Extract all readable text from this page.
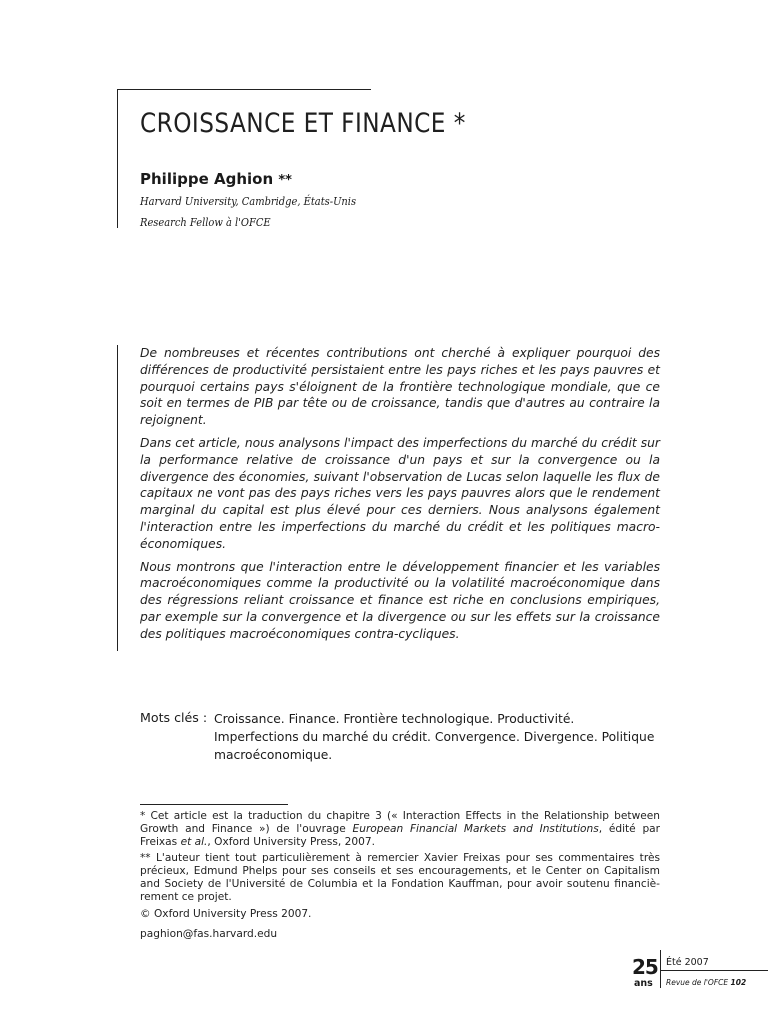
CROISSANCE ET FINANCE *
Philippe Aghion **
Harvard University, Cambridge, États-Unis
Research Fellow à l'OFCE

De nombreuses et récentes contributions ont cherché à expliquer pourquoi des différences de productivité persistaient entre les pays riches et les pays pauvres et pourquoi certains pays s'éloignent de la frontière technologique mondiale, que ce soit en termes de PIB par tête ou de croissance, tandis que d'autres au contraire la rejoignent.

Dans cet article, nous analysons l'impact des imperfections du marché du crédit sur la performance relative de croissance d'un pays et sur la convergence ou la divergence des économies, suivant l'observation de Lucas selon laquelle les flux de capitaux ne vont pas des pays riches vers les pays pauvres alors que le rendement marginal du capital est plus élevé pour ces derniers. Nous analysons également l'interaction entre les imperfections du marché du crédit et les politiques macro-économiques.

Nous montrons que l'interaction entre le développement financier et les variables macroéconomiques comme la productivité ou la volatilité macroéconomique dans des régressions reliant croissance et finance est riche en conclusions empiriques, par exemple sur la convergence et la divergence ou sur les effets sur la croissance des politiques macroéconomiques contra-cycliques.

Mots clés : Croissance. Finance. Frontière technologique. Productivité. Imperfections du marché du crédit. Convergence. Divergence. Politique macroéconomique.

* Cet article est la traduction du chapitre 3 (« Interaction Effects in the Relationship between Growth and Finance ») de l'ouvrage European Financial Markets and Institutions, édité par Freixas et al., Oxford University Press, 2007.

** L'auteur tient tout particulièrement à remercier Xavier Freixas pour ses commentaires très précieux, Edmund Phelps pour ses conseils et ses encouragements, et le Center on Capitalism and Society de l'Université de Columbia et la Fondation Kauffman, pour avoir soutenu financiè-rement ce projet.

© Oxford University Press 2007.

paghion@fas.harvard.edu

25
ans
Été 2007
Revue de l'OFCE 102
